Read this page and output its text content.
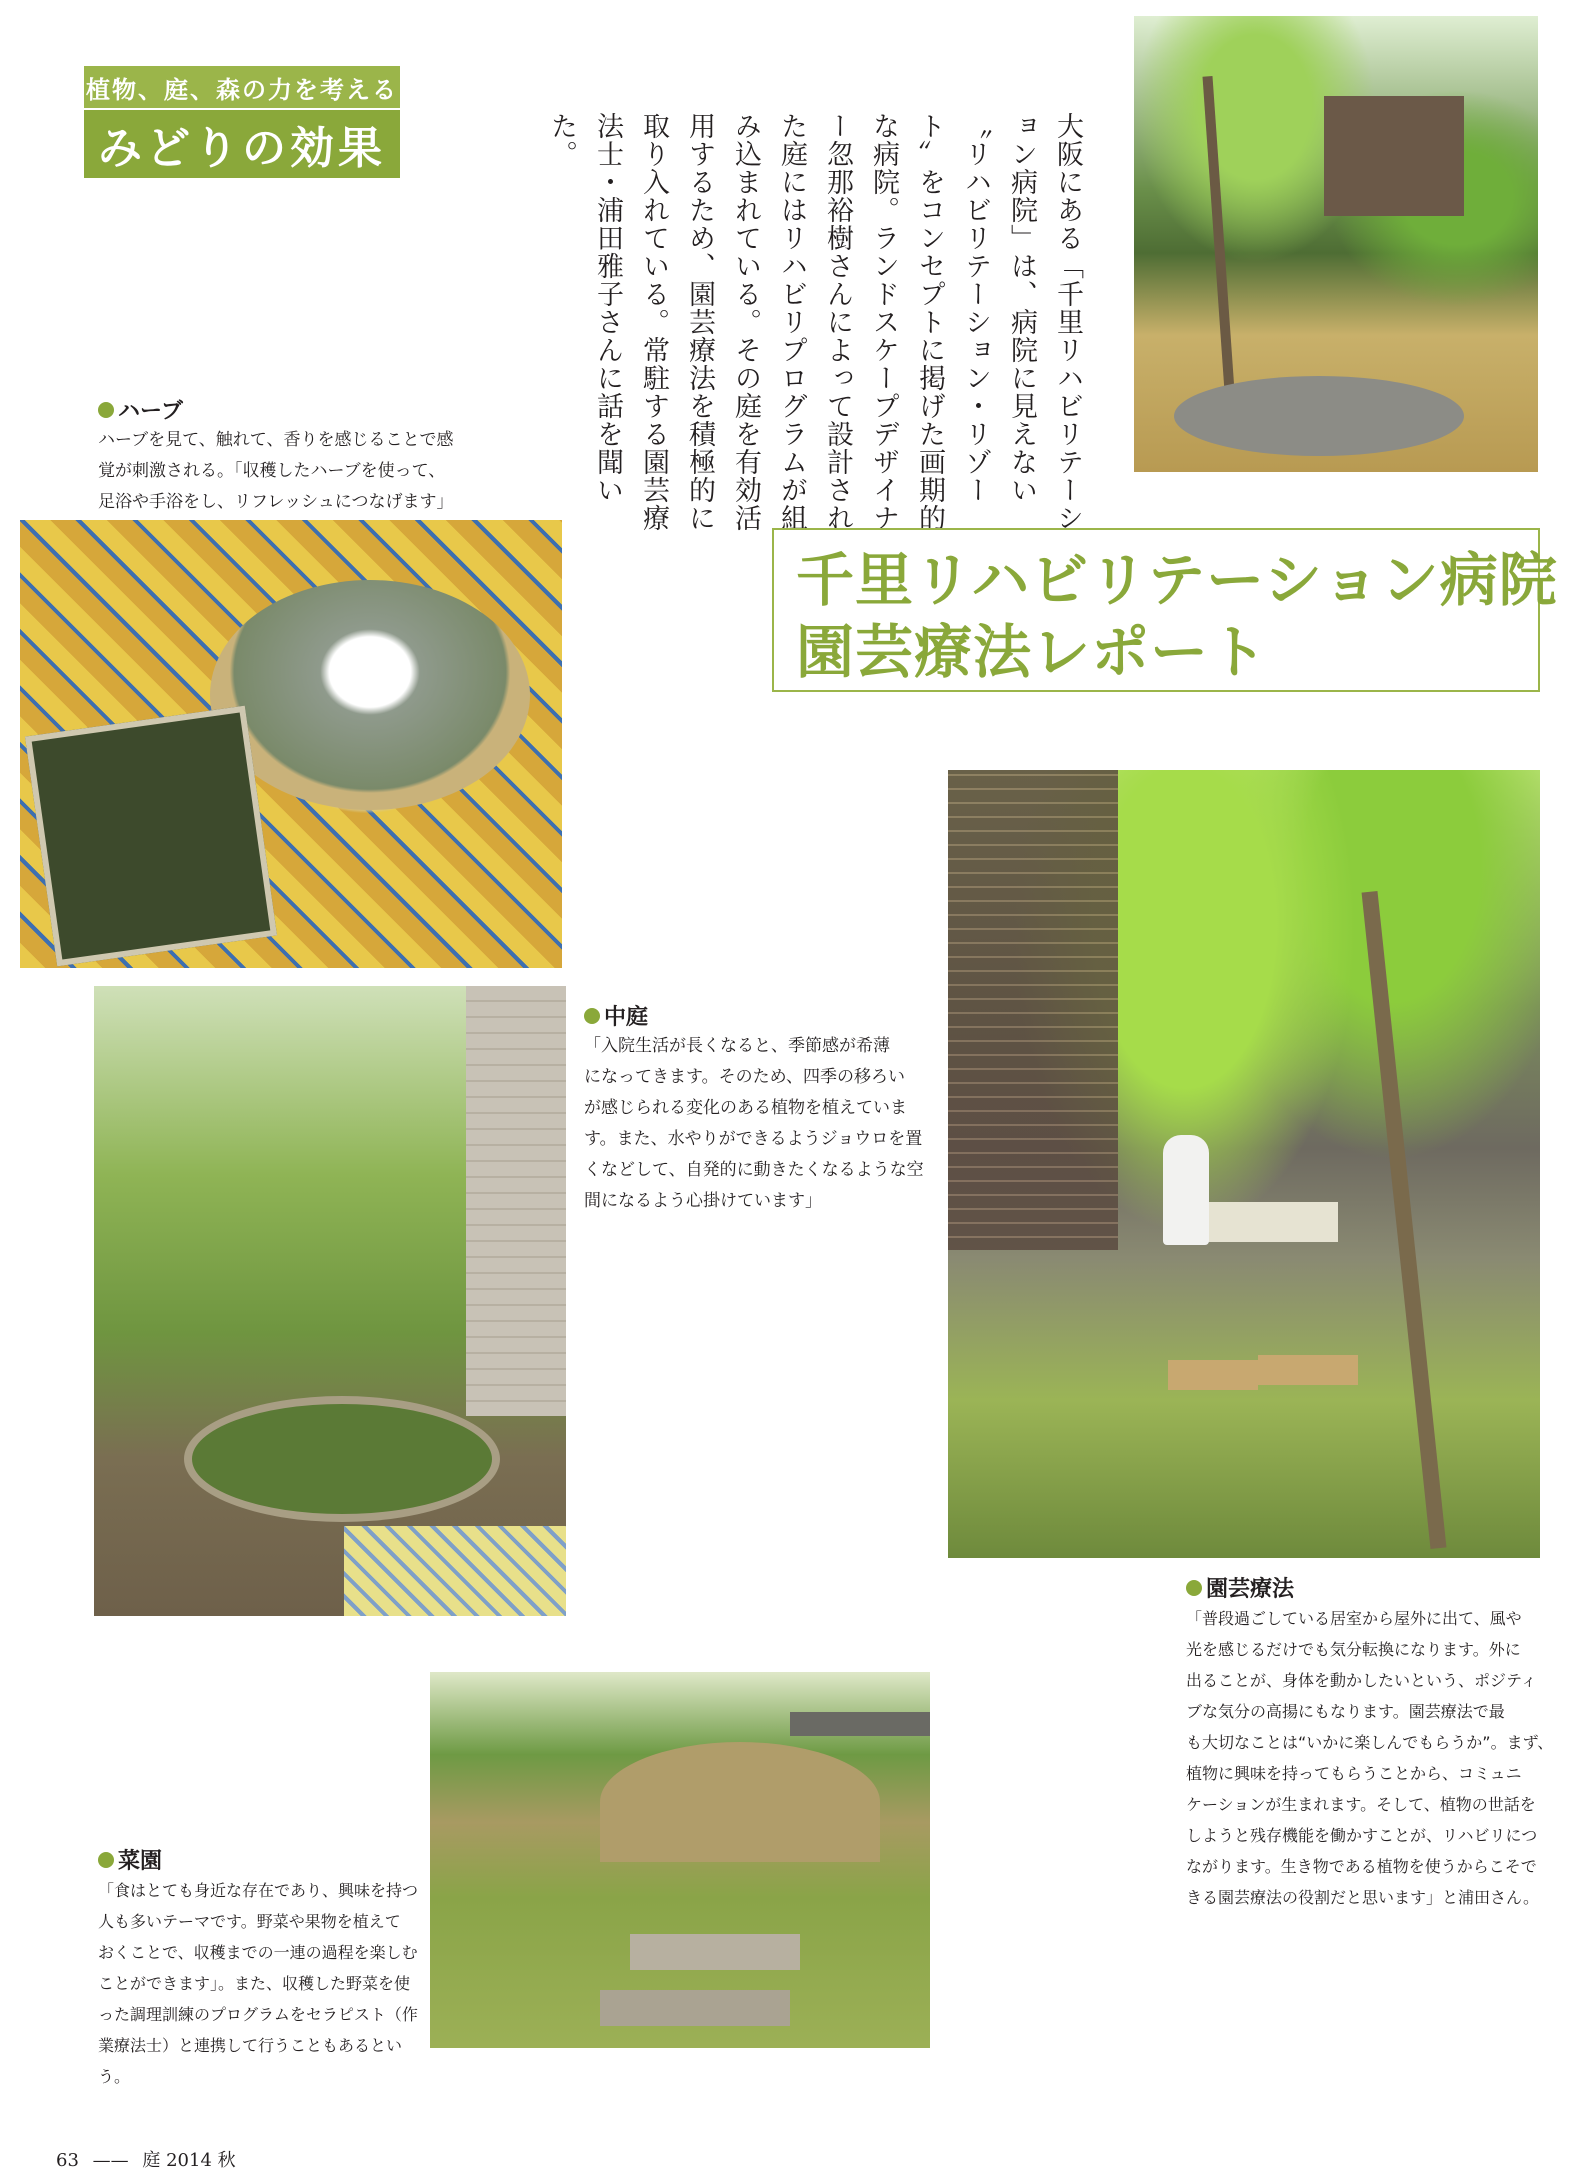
植物、庭、森の力を考える
みどりの効果	大阪にある「千里リハビリテーション病院」は、病院に見えない〝リハビリテーション・リゾート〟をコンセプトに掲げた画期的な病院。ランドスケープデザイナー忽那裕樹さんによって設計された庭にはリハビリプログラムが組み込まれている。その庭を有効活用するため、園芸療法を積極的に取り入れている。常駐する園芸療法士・浦田雅子さんに話を聞いた。
ハーブ
ハーブを見て、触れて、香りを感じることで感
覚が刺激される。「収穫したハーブを使って、
足浴や手浴をし、リフレッシュにつなげます」
千里リハビリテーション病院
園芸療法レポート
中庭
「入院生活が長くなると、季節感が希薄
になってきます。そのため、四季の移ろい
が感じられる変化のある植物を植えていま
す。また、水やりができるようジョウロを置
くなどして、自発的に動きたくなるような空
間になるよう心掛けています」
園芸療法
「普段過ごしている居室から屋外に出て、風や
光を感じるだけでも気分転換になります。外に
出ることが、身体を動かしたいという、ポジティ
ブな気分の高揚にもなります。園芸療法で最
も大切なことは“いかに楽しんでもらうか”。まず、
植物に興味を持ってもらうことから、コミュニ
ケーションが生まれます。そして、植物の世話を
しようと残存機能を働かすことが、リハビリにつ
ながります。生き物である植物を使うからこそで
きる園芸療法の役割だと思います」と浦田さん。
菜園
「食はとても身近な存在であり、興味を持つ
人も多いテーマです。野菜や果物を植えて
おくことで、収穫までの一連の過程を楽しむ
ことができます」。また、収穫した野菜を使
った調理訓練のプログラムをセラピスト（作
業療法士）と連携して行うこともあるという。
63 —— 庭 2014 秋
